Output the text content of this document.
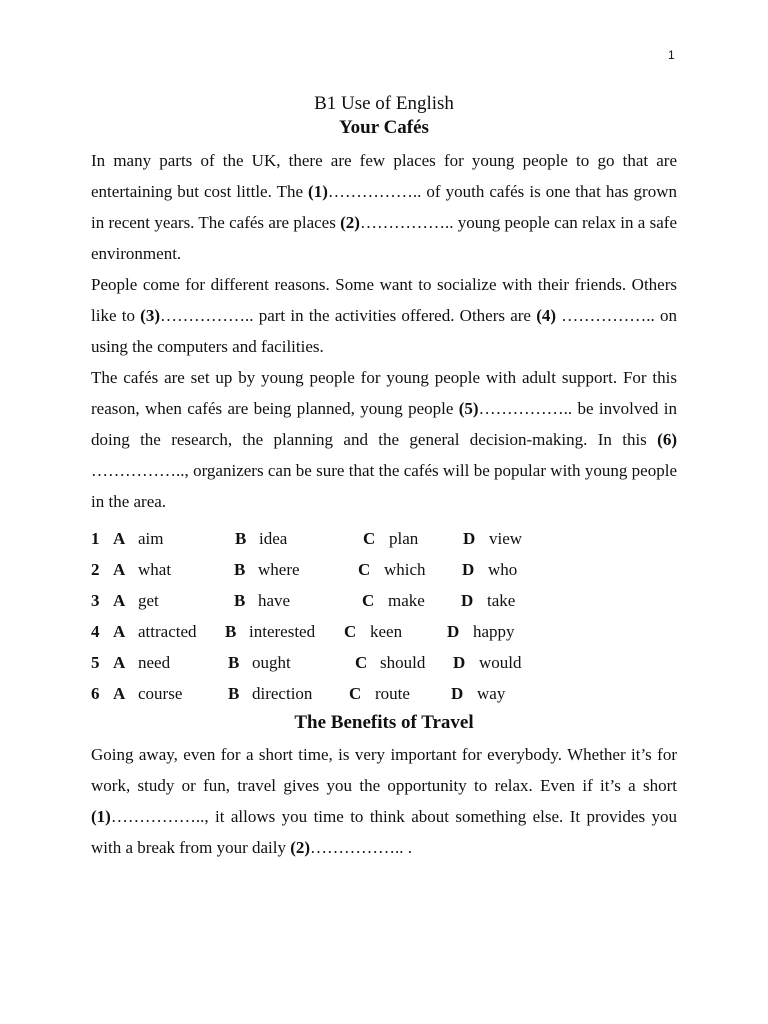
1
B1 Use of English
Your Cafés

In many parts of the UK, there are few places for young people to go that are entertaining but cost little. The (1)…………….. of youth cafés is one that has grown in recent years. The cafés are places (2)…………….. young people can relax in a safe environment.

People come for different reasons. Some want to socialize with their friends. Others like to (3)…………….. part in the activities offered. Others are (4) …………….. on using the computers and facilities.

The cafés are set up by young people for young people with adult support. For this reason, when cafés are being planned, young people (5)…………….. be involved in doing the research, the planning and the general decision-making. In this (6) …………….., organizers can be sure that the cafés will be popular with young people in the area.

1 A aim	B idea	C plan	D view
2 A what	B where	C which D who
3 A get	B have	C make D take
4 A attracted B interested C keen	D happy
5 A need	B ought	C should D would
6 A course	B direction C route D way
The Benefits of Travel

Going away, even for a short time, is very important for everybody. Whether it’s for work, study or fun, travel gives you the opportunity to relax. Even if it’s a short (1)…………….., it allows you time to think about something else. It provides you with a break from your daily (2)…………….. .
